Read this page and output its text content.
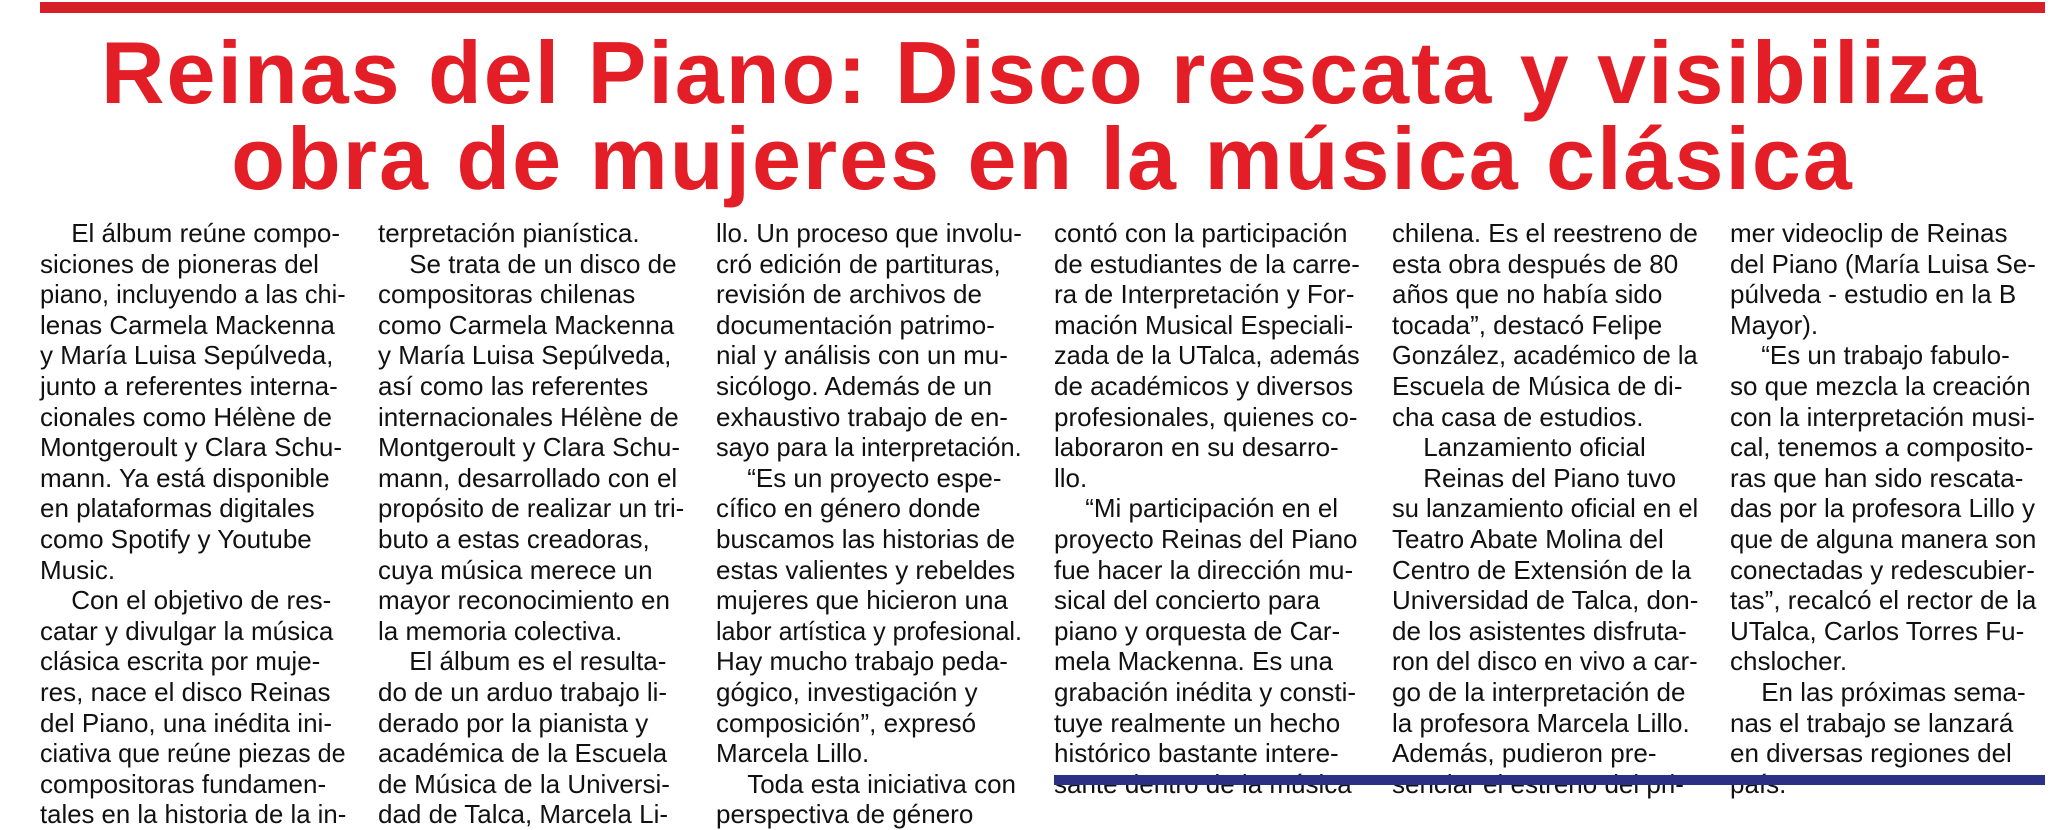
Reinas del Piano: Disco rescata y visibiliza
obra de mujeres en la música clásica
El álbum reúne compo-
siciones de pioneras del
piano, incluyendo a las chi-
lenas Carmela Mackenna
y María Luisa Sepúlveda,
junto a referentes interna-
cionales como Hélène de
Montgeroult y Clara Schu-
mann. Ya está disponible
en plataformas digitales
como Spotify y Youtube
Music.
Con el objetivo de res-
catar y divulgar la música
clásica escrita por muje-
res, nace el disco Reinas
del Piano, una inédita ini-
ciativa que reúne piezas de
compositoras fundamen-
tales en la historia de la in-
terpretación pianística.
Se trata de un disco de
compositoras chilenas
como Carmela Mackenna
y María Luisa Sepúlveda,
así como las referentes
internacionales Hélène de
Montgeroult y Clara Schu-
mann, desarrollado con el
propósito de realizar un tri-
buto a estas creadoras,
cuya música merece un
mayor reconocimiento en
la memoria colectiva.
El álbum es el resulta-
do de un arduo trabajo li-
derado por la pianista y
académica de la Escuela
de Música de la Universi-
dad de Talca, Marcela Li-
llo. Un proceso que involu-
cró edición de partituras,
revisión de archivos de
documentación patrimo-
nial y análisis con un mu-
sicólogo. Además de un
exhaustivo trabajo de en-
sayo para la interpretación.
“Es un proyecto espe-
cífico en género donde
buscamos las historias de
estas valientes y rebeldes
mujeres que hicieron una
labor artística y profesional.
Hay mucho trabajo peda-
gógico, investigación y
composición”, expresó
Marcela Lillo.
Toda esta iniciativa con
perspectiva de género
contó con la participación
de estudiantes de la carre-
ra de Interpretación y For-
mación Musical Especiali-
zada de la UTalca, además
de académicos y diversos
profesionales, quienes co-
laboraron en su desarro-
llo.
“Mi participación en el
proyecto Reinas del Piano
fue hacer la dirección mu-
sical del concierto para
piano y orquesta de Car-
mela Mackenna. Es una
grabación inédita y consti-
tuye realmente un hecho
histórico bastante intere-
chilena. Es el reestreno de
esta obra después de 80
años que no había sido
tocada”, destacó Felipe
González, académico de la
Escuela de Música de di-
cha casa de estudios.
Lanzamiento oficial
Reinas del Piano tuvo
su lanzamiento oficial en el
Teatro Abate Molina del
Centro de Extensión de la
Universidad de Talca, don-
de los asistentes disfruta-
ron del disco en vivo a car-
go de la interpretación de
la profesora Marcela Lillo.
Además, pudieron pre-
mer videoclip de Reinas
del Piano (María Luisa Se-
púlveda - estudio en la B
Mayor).
“Es un trabajo fabulo-
so que mezcla la creación
con la interpretación musi-
cal, tenemos a composito-
ras que han sido rescata-
das por la profesora Lillo y
que de alguna manera son
conectadas y redescubier-
tas”, recalcó el rector de la
UTalca, Carlos Torres Fu-
chslocher.
En las próximas sema-
nas el trabajo se lanzará
en diversas regiones del
